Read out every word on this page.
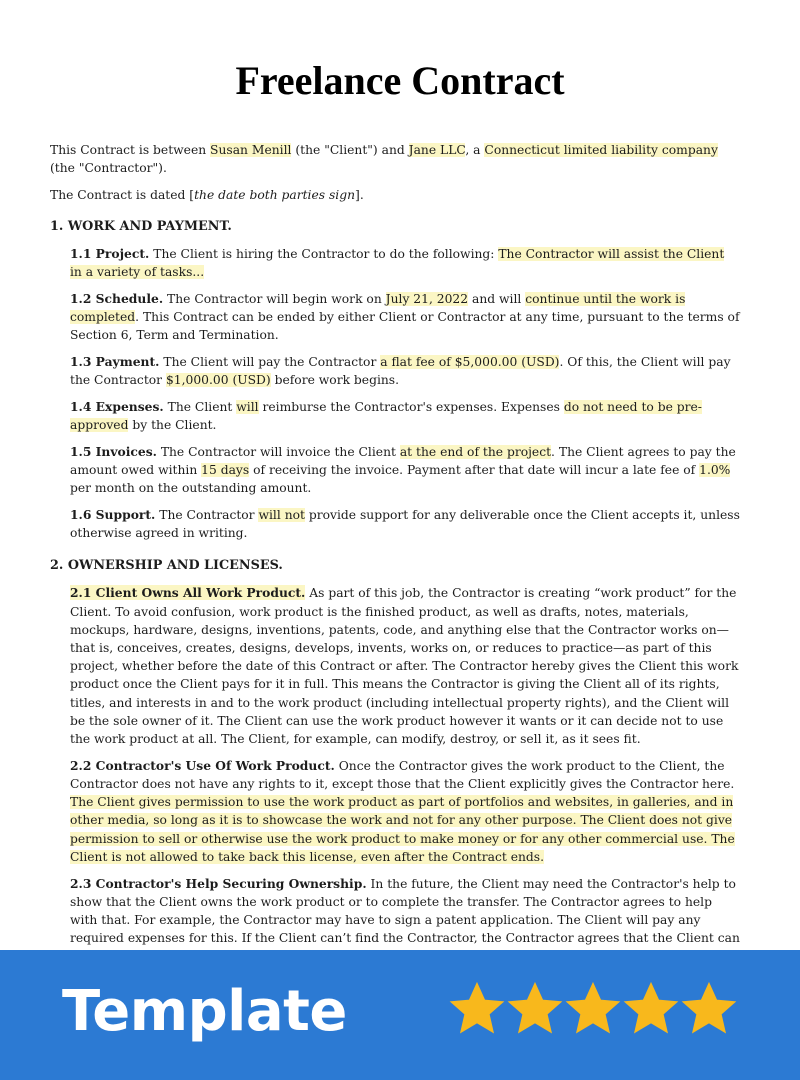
Freelance Contract

This Contract is between Susan Menill (the "Client") and Jane LLC, a Connecticut limited liability company (the "Contractor").

The Contract is dated [the date both parties sign].

1. WORK AND PAYMENT.

1.1 Project. The Client is hiring the Contractor to do the following: The Contractor will assist the Client in a variety of tasks...

1.2 Schedule. The Contractor will begin work on July 21, 2022 and will continue until the work is completed. This Contract can be ended by either Client or Contractor at any time, pursuant to the terms of Section 6, Term and Termination.

1.3 Payment. The Client will pay the Contractor a flat fee of $5,000.00 (USD). Of this, the Client will pay the Contractor $1,000.00 (USD) before work begins.

1.4 Expenses. The Client will reimburse the Contractor's expenses. Expenses do not need to be pre-approved by the Client.

1.5 Invoices. The Contractor will invoice the Client at the end of the project. The Client agrees to pay the amount owed within 15 days of receiving the invoice. Payment after that date will incur a late fee of 1.0% per month on the outstanding amount.

1.6 Support. The Contractor will not provide support for any deliverable once the Client accepts it, unless otherwise agreed in writing.

2. OWNERSHIP AND LICENSES.

2.1 Client Owns All Work Product. As part of this job, the Contractor is creating “work product” for the Client. To avoid confusion, work product is the finished product, as well as drafts, notes, materials, mockups, hardware, designs, inventions, patents, code, and anything else that the Contractor works on—that is, conceives, creates, designs, develops, invents, works on, or reduces to practice—as part of this project, whether before the date of this Contract or after. The Contractor hereby gives the Client this work product once the Client pays for it in full. This means the Contractor is giving the Client all of its rights, titles, and interests in and to the work product (including intellectual property rights), and the Client will be the sole owner of it. The Client can use the work product however it wants or it can decide not to use the work product at all. The Client, for example, can modify, destroy, or sell it, as it sees fit.

2.2 Contractor's Use Of Work Product. Once the Contractor gives the work product to the Client, the Contractor does not have any rights to it, except those that the Client explicitly gives the Contractor here. The Client gives permission to use the work product as part of portfolios and websites, in galleries, and in other media, so long as it is to showcase the work and not for any other purpose. The Client does not give permission to sell or otherwise use the work product to make money or for any other commercial use. The Client is not allowed to take back this license, even after the Contract ends.

2.3 Contractor's Help Securing Ownership. In the future, the Client may need the Contractor's help to show that the Client owns the work product or to complete the transfer. The Contractor agrees to help with that. For example, the Contractor may have to sign a patent application. The Client will pay any required expenses for this. If the Client can’t find the Contractor, the Contractor agrees that the Client can

Template
